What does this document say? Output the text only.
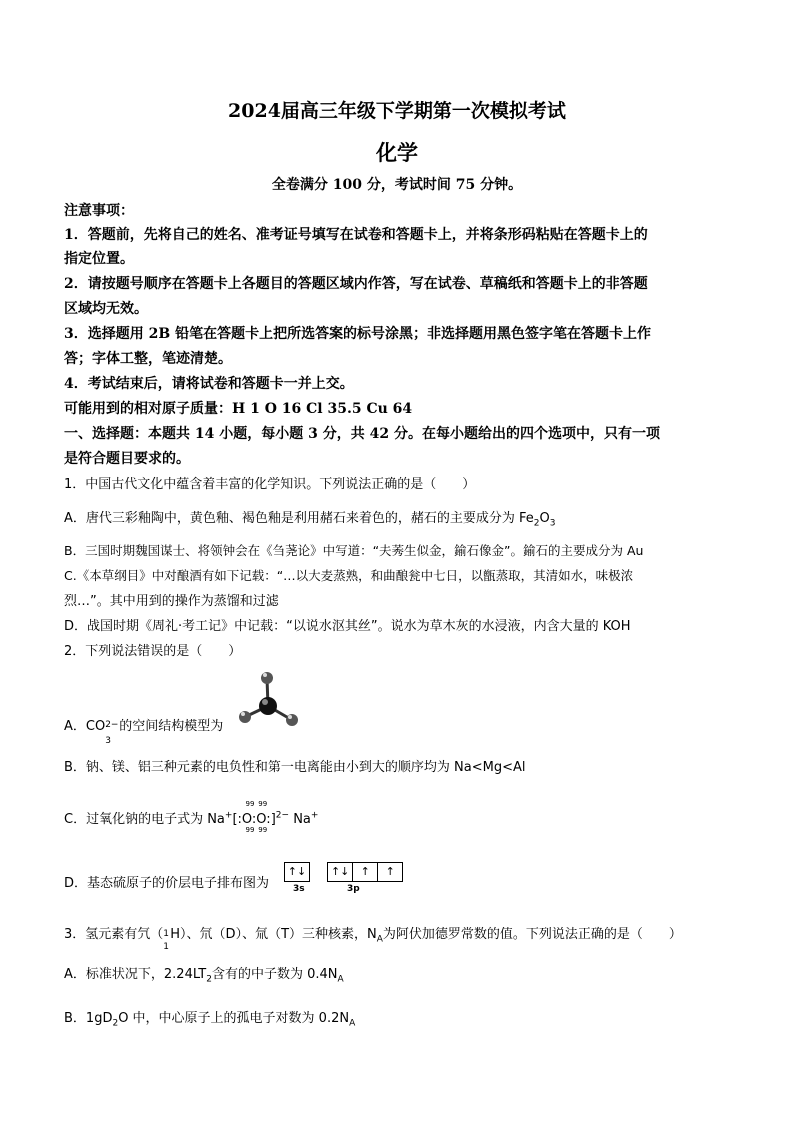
2024届高三年级下学期第一次模拟考试
化学
全卷满分 100 分，考试时间 75 分钟。
注意事项：
1．答题前，先将自己的姓名、准考证号填写在试卷和答题卡上，并将条形码粘贴在答题卡上的
指定位置。
2．请按题号顺序在答题卡上各题目的答题区域内作答，写在试卷、草稿纸和答题卡上的非答题
区域均无效。
3．选择题用 2B 铅笔在答题卡上把所选答案的标号涂黑；非选择题用黑色签字笔在答题卡上作
答；字体工整，笔迹清楚。
4．考试结束后，请将试卷和答题卡一并上交。
可能用到的相对原子质量：H 1 O 16 Cl 35.5 Cu 64
一、选择题：本题共 14 小题，每小题 3 分，共 42 分。在每小题给出的四个选项中，只有一项
是符合题目要求的。
1．中国古代文化中蕴含着丰富的化学知识。下列说法正确的是（　　）
A．唐代三彩釉陶中，黄色釉、褐色釉是利用赭石来着色的，赭石的主要成分为 $Fe_2O_3$
B．三国时期魏国谋士、将领钟会在《刍荛论》中写道：“夫莠生似金，鍮石像金”。鍮石的主要成分为 Au
C.《本草纲目》中对酿酒有如下记载：“…以大麦蒸熟，和曲酿瓮中七日，以甑蒸取，其清如水，味极浓
烈…”。其中用到的操作为蒸馏和过滤
D．战国时期《周礼·考工记》中记载：“以说水沤其丝”。说水为草木灰的水浸液，内含大量的 KOH
2．下列说法错误的是（　　）
A．CO 2−
3
的空间结构模型为
B．钠、镁、铝三种元素的电负性和第一电离能由小到大的顺序均为 Na<Mg<Al
C．过氧化钠的电子式为 Na+[
99
99
:O:
99
99
O:]$^{2-}$ Na+
D．基态硫原子的价层电子排布图为
↑↓ ↑↓ ↑ ↑
3s	3p
3．氢元素有氕（ 1
1
H）、氘（D）、氚（T）三种核素，$N_A$为阿伏加德罗常数的值。下列说法正确的是（　　）
A．标准状况下，$2.24LT_2$含有的中子数为 $0.4N_A$
B．$1gD_2O$ 中，中心原子上的孤电子对数为 $0.2N_A$
